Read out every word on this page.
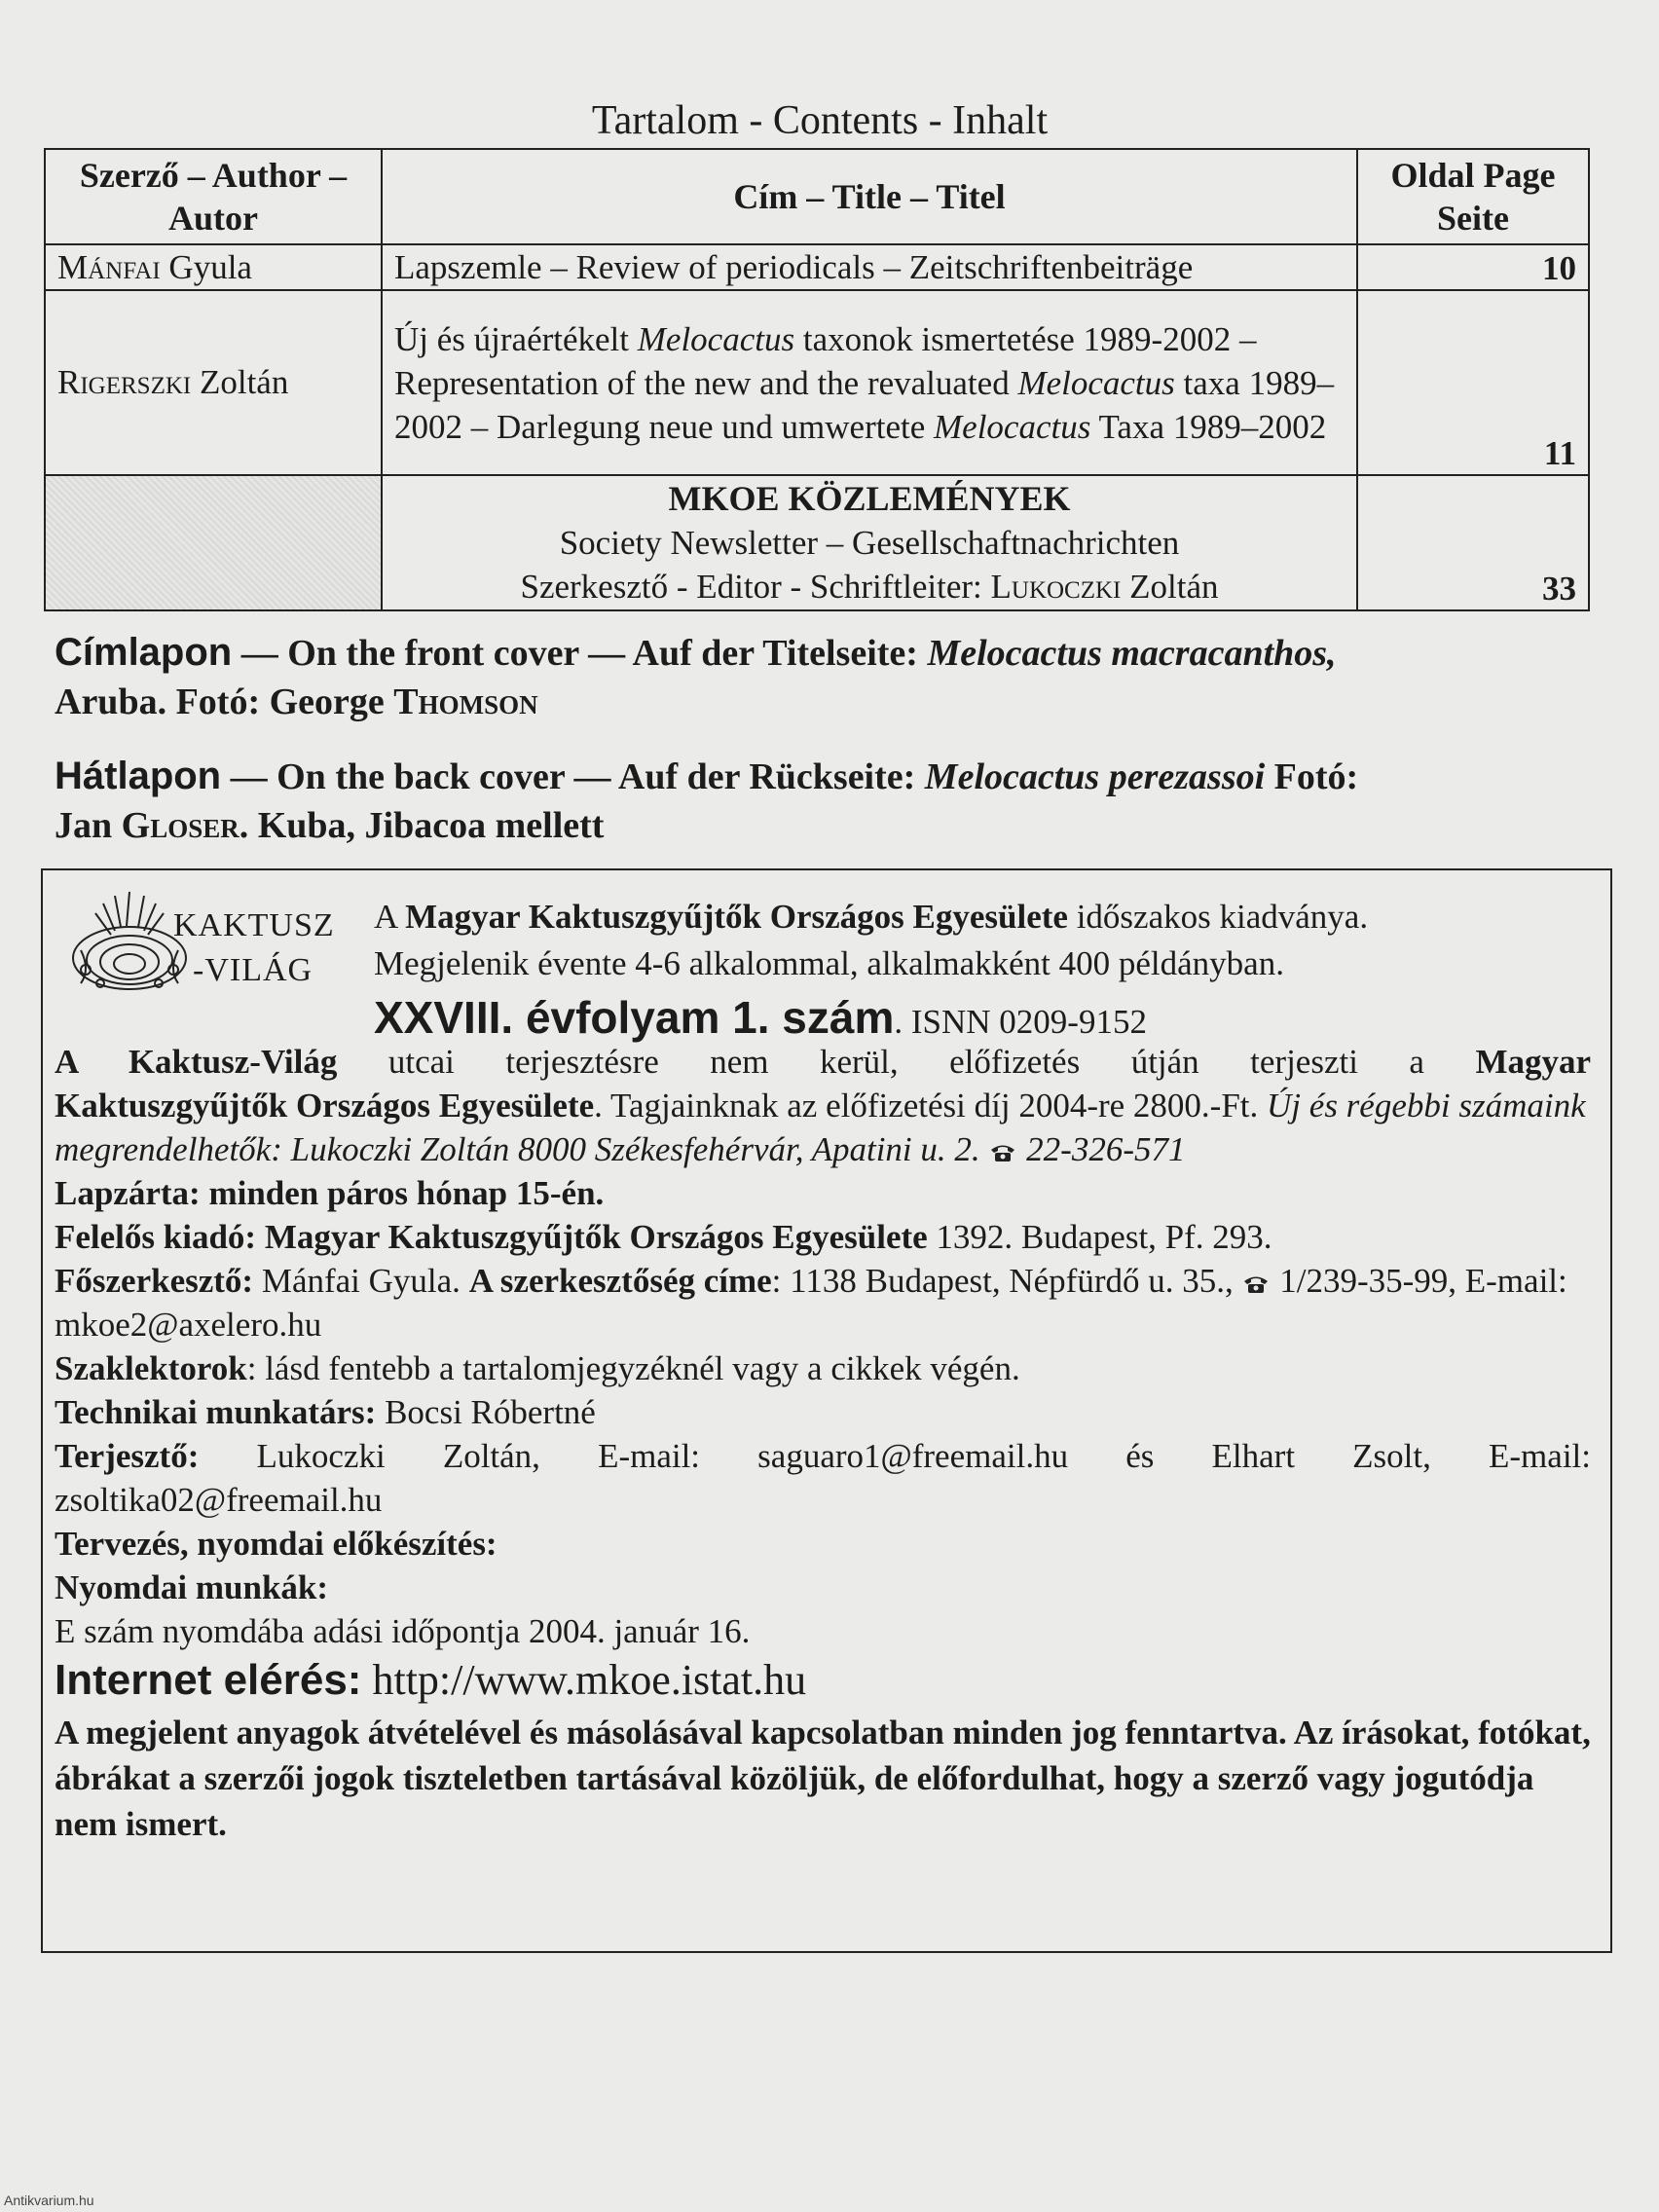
Tartalom - Contents - Inhalt
Szerző – Author – Autor	Cím – Title – Titel	Oldal Page Seite
Mánfai Gyula	Lapszemle – Review of periodicals – Zeitschriftenbeiträge	10
Rigerszki Zoltán	Új és újraértékelt Melocactus taxonok ismertetése 1989-2002 – Representation of the new and the revaluated Melocactus taxa 1989–2002 – Darlegung neue und umwertete Melocactus Taxa 1989–2002	11
	MKOE KÖZLEMÉNYEK
Society Newsletter – Gesellschaftnachrichten
Szerkesztő - Editor - Schriftleiter: Lukoczki Zoltán	33
Címlapon — On the front cover — Auf der Titelseite: Melocactus macracanthos,
Aruba. Fotó: George Thomson
Hátlapon — On the back cover — Auf der Rückseite: Melocactus perezassoi Fotó:
Jan Gloser. Kuba, Jibacoa mellett
KAKTUSZ
-VILÁG
A Magyar Kaktuszgyűjtők Országos Egyesülete időszakos kiadványa.
Megjelenik évente 4-6 alkalommal, alkalmakként 400 példányban.
XXVIII. évfolyam 1. szám. ISNN 0209-9152

A Kaktusz-Világ utcai terjesztésre nem kerül, előfizetés útján terjeszti a Magyar

Kaktuszgyűjtők Országos Egyesülete. Tagjainknak az előfizetési díj 2004-re 2800.-Ft. Új és régebbi számaink megrendelhetők: Lukoczki Zoltán 8000 Székesfehérvár, Apatini u. 2. 22-326-571

Lapzárta: minden páros hónap 15-én.

Felelős kiadó: Magyar Kaktuszgyűjtők Országos Egyesülete 1392. Budapest, Pf. 293.

Főszerkesztő: Mánfai Gyula. A szerkesztőség címe: 1138 Budapest, Népfürdő u. 35., 1/239-35-99, E-mail: mkoe2@axelero.hu

Szaklektorok: lásd fentebb a tartalomjegyzéknél vagy a cikkek végén.

Technikai munkatárs: Bocsi Róbertné

Terjesztő: Lukoczki Zoltán, E-mail: saguaro1@freemail.hu és Elhart Zsolt, E-mail:

zsoltika02@freemail.hu

Tervezés, nyomdai előkészítés:

Nyomdai munkák:

E szám nyomdába adási időpontja 2004. január 16.

Internet elérés: http://www.mkoe.istat.hu

A megjelent anyagok átvételével és másolásával kapcsolatban minden jog fenntartva. Az írásokat, fotókat, ábrákat a szerzői jogok tiszteletben tartásával közöljük, de előfordulhat, hogy a szerző vagy jogutódja nem ismert.

Antikvarium.hu
